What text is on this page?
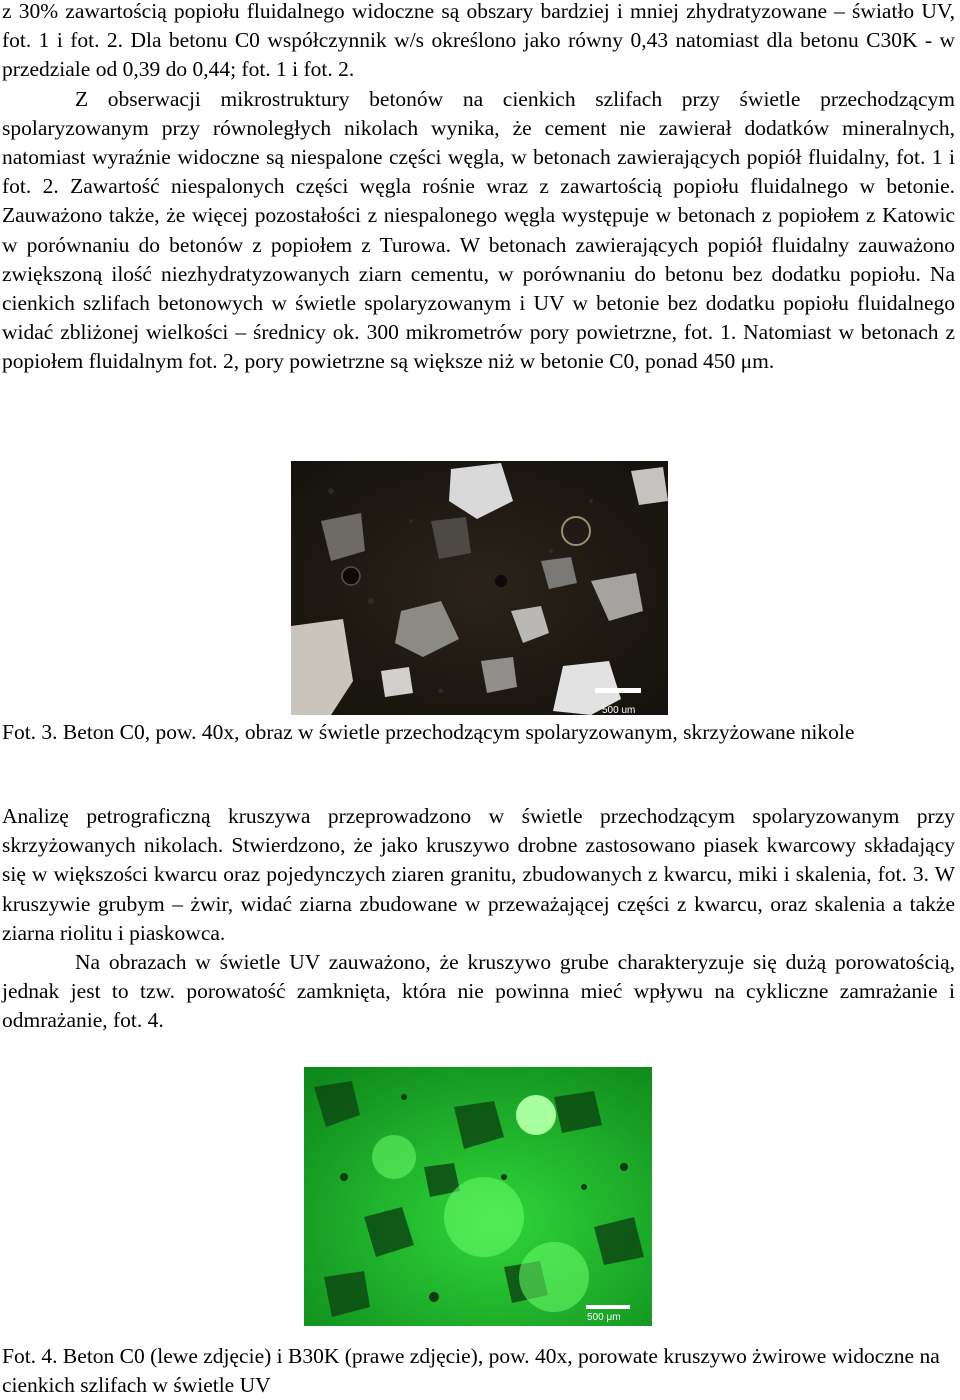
z 30% zawartością popiołu fluidalnego widoczne są obszary bardziej i mniej zhydratyzowane – światło UV, fot. 1 i fot. 2. Dla betonu C0 współczynnik w/s określono jako równy 0,43 natomiast dla betonu C30K - w przedziale od 0,39 do 0,44; fot. 1 i fot. 2.
Z obserwacji mikrostruktury betonów na cienkich szlifach przy świetle przechodzącym spolaryzowanym przy równoległych nikolach wynika, że cement nie zawierał dodatków mineralnych, natomiast wyraźnie widoczne są niespalone części węgla, w betonach zawierających popiół fluidalny, fot. 1 i fot. 2. Zawartość niespalonych części węgla rośnie wraz z zawartością popiołu fluidalnego w betonie. Zauważono także, że więcej pozostałości z niespalonego węgla występuje w betonach z popiołem z Katowic w porównaniu do betonów z popiołem z Turowa. W betonach zawierających popiół fluidalny zauważono zwiększoną ilość niezhydratyzowanych ziarn cementu, w porównaniu do betonu bez dodatku popiołu. Na cienkich szlifach betonowych w świetle spolaryzowanym i UV w betonie bez dodatku popiołu fluidalnego widać zbliżonej wielkości – średnicy ok. 300 mikrometrów pory powietrzne, fot. 1. Natomiast w betonach z popiołem fluidalnym fot. 2, pory powietrzne są większe niż w betonie C0, ponad 450 μm.
500 um
Fot. 3. Beton C0, pow. 40x, obraz w świetle przechodzącym spolaryzowanym, skrzyżowane nikole
Analizę petrograficzną kruszywa przeprowadzono w świetle przechodzącym spolaryzowanym przy skrzyżowanych nikolach. Stwierdzono, że jako kruszywo drobne zastosowano piasek kwarcowy składający się w większości kwarcu oraz pojedynczych ziaren granitu, zbudowanych z kwarcu, miki i skalenia, fot. 3. W kruszywie grubym – żwir, widać ziarna zbudowane w przeważającej części z kwarcu, oraz skalenia a także ziarna riolitu i piaskowca.
Na obrazach w świetle UV zauważono, że kruszywo grube charakteryzuje się dużą porowatością, jednak jest to tzw. porowatość zamknięta, która nie powinna mieć wpływu na cykliczne zamrażanie i odmrażanie, fot. 4.
500 μm
Fot. 4. Beton C0 (lewe zdjęcie) i B30K (prawe zdjęcie), pow. 40x, porowate kruszywo żwirowe widoczne na cienkich szlifach w świetle UV
